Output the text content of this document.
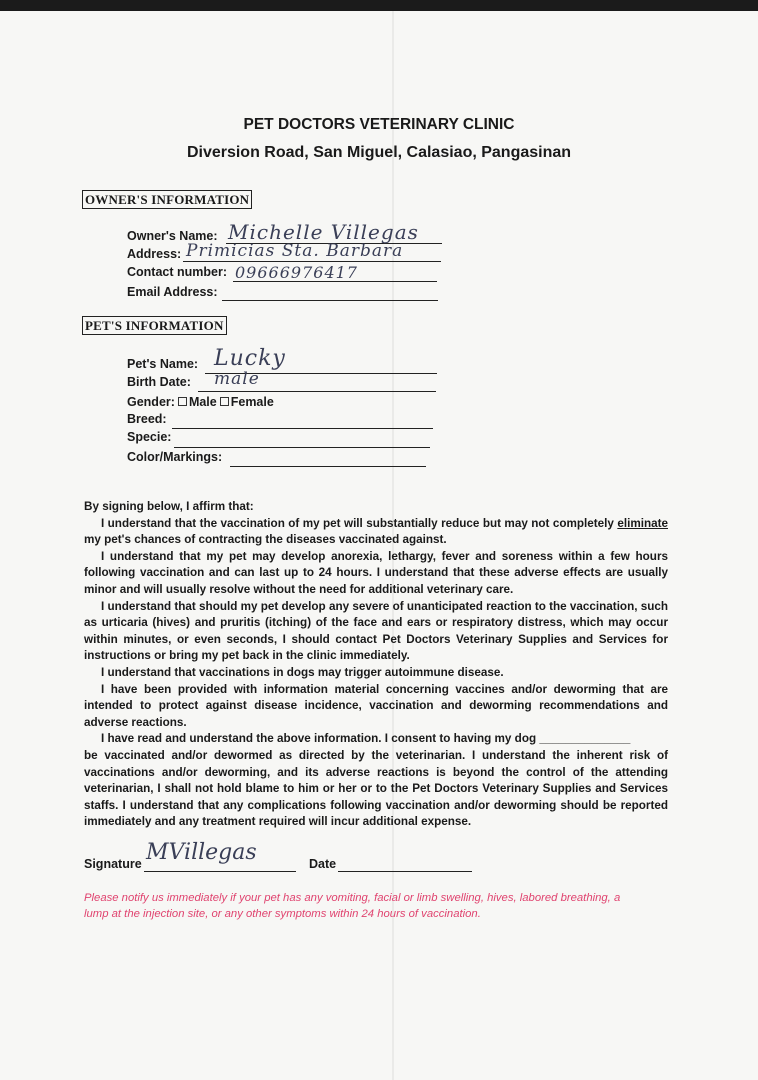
PET DOCTORS VETERINARY CLINIC
Diversion Road, San Miguel, Calasiao, Pangasinan
OWNER'S INFORMATION
Owner's Name: Michelle Villegas
Address: Primicias Sta. Barbara
Contact number: 09666976417
Email Address:
PET'S INFORMATION
Pet's Name: Lucky
Birth Date: male
Gender: Male Female
Breed:
Specie:
Color/Markings:
By signing below, I affirm that:
I understand that the vaccination of my pet will substantially reduce but may not completely eliminate my pet's chances of contracting the diseases vaccinated against.
I understand that my pet may develop anorexia, lethargy, fever and soreness within a few hours following vaccination and can last up to 24 hours. I understand that these adverse effects are usually minor and will usually resolve without the need for additional veterinary care.
I understand that should my pet develop any severe of unanticipated reaction to the vaccination, such as urticaria (hives) and pruritis (itching) of the face and ears or respiratory distress, which may occur within minutes, or even seconds, I should contact Pet Doctors Veterinary Supplies and Services for instructions or bring my pet back in the clinic immediately.
I understand that vaccinations in dogs may trigger autoimmune disease.
I have been provided with information material concerning vaccines and/or deworming that are intended to protect against disease incidence, vaccination and deworming recommendations and adverse reactions.
I have read and understand the above information. I consent to having my dog ______________
be vaccinated and/or dewormed as directed by the veterinarian. I understand the inherent risk of vaccinations and/or deworming, and its adverse reactions is beyond the control of the attending veterinarian, I shall not hold blame to him or her or to the Pet Doctors Veterinary Supplies and Services staffs. I understand that any complications following vaccination and/or deworming should be reported immediately and any treatment required will incur additional expense.
Signature MVillegas	Date
Please notify us immediately if your pet has any vomiting, facial or limb swelling, hives, labored breathing, a lump at the injection site, or any other symptoms within 24 hours of vaccination.
